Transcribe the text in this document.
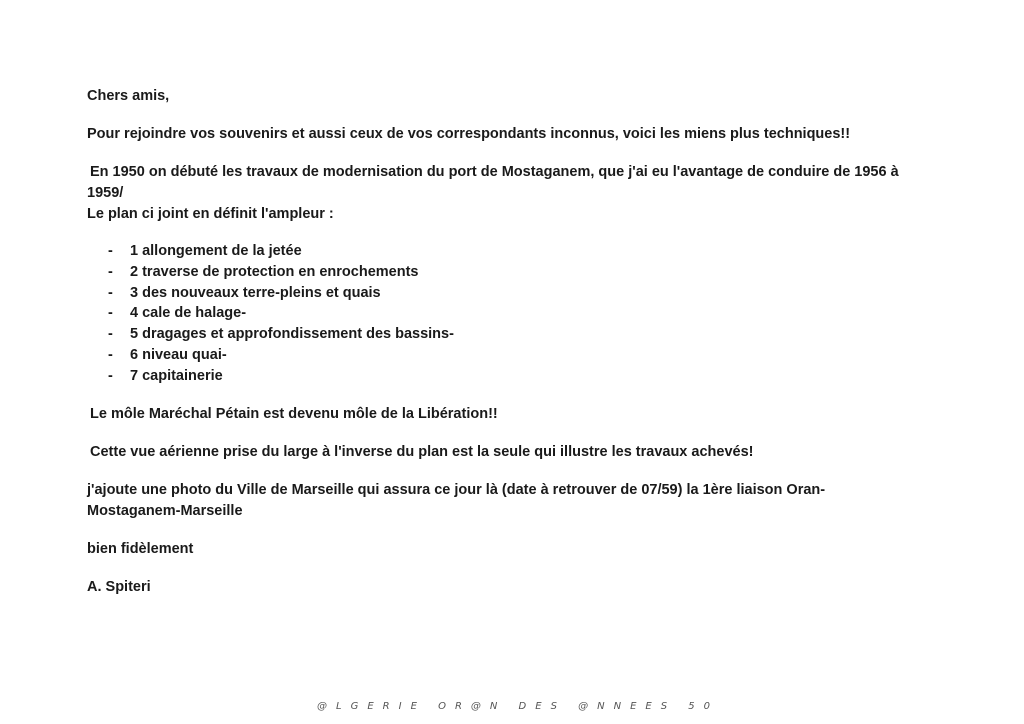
Chers amis,

Pour rejoindre vos souvenirs et aussi ceux de vos correspondants inconnus, voici les miens plus techniques!!

En 1950 on débuté les travaux de modernisation du port de Mostaganem, que j'ai eu l'avantage de conduire de 1956 à

1959/

Le plan ci joint en définit l'ampleur :

- 1 allongement de la jetée
- 2 traverse de protection en enrochements
- 3 des nouveaux terre-pleins et quais
- 4 cale de halage-
- 5 dragages et approfondissement des bassins-
- 6 niveau quai-
- 7 capitainerie

Le môle Maréchal Pétain est devenu môle de la Libération!!

Cette vue aérienne prise du large à l'inverse du plan est la seule qui illustre les travaux achevés!

j'ajoute une photo du Ville de Marseille qui assura ce jour là (date à retrouver de 07/59) la 1ère liaison Oran-

Mostaganem-Marseille

bien fidèlement

A. Spiteri

@LGERIE OR@N DES @NNEES 50
